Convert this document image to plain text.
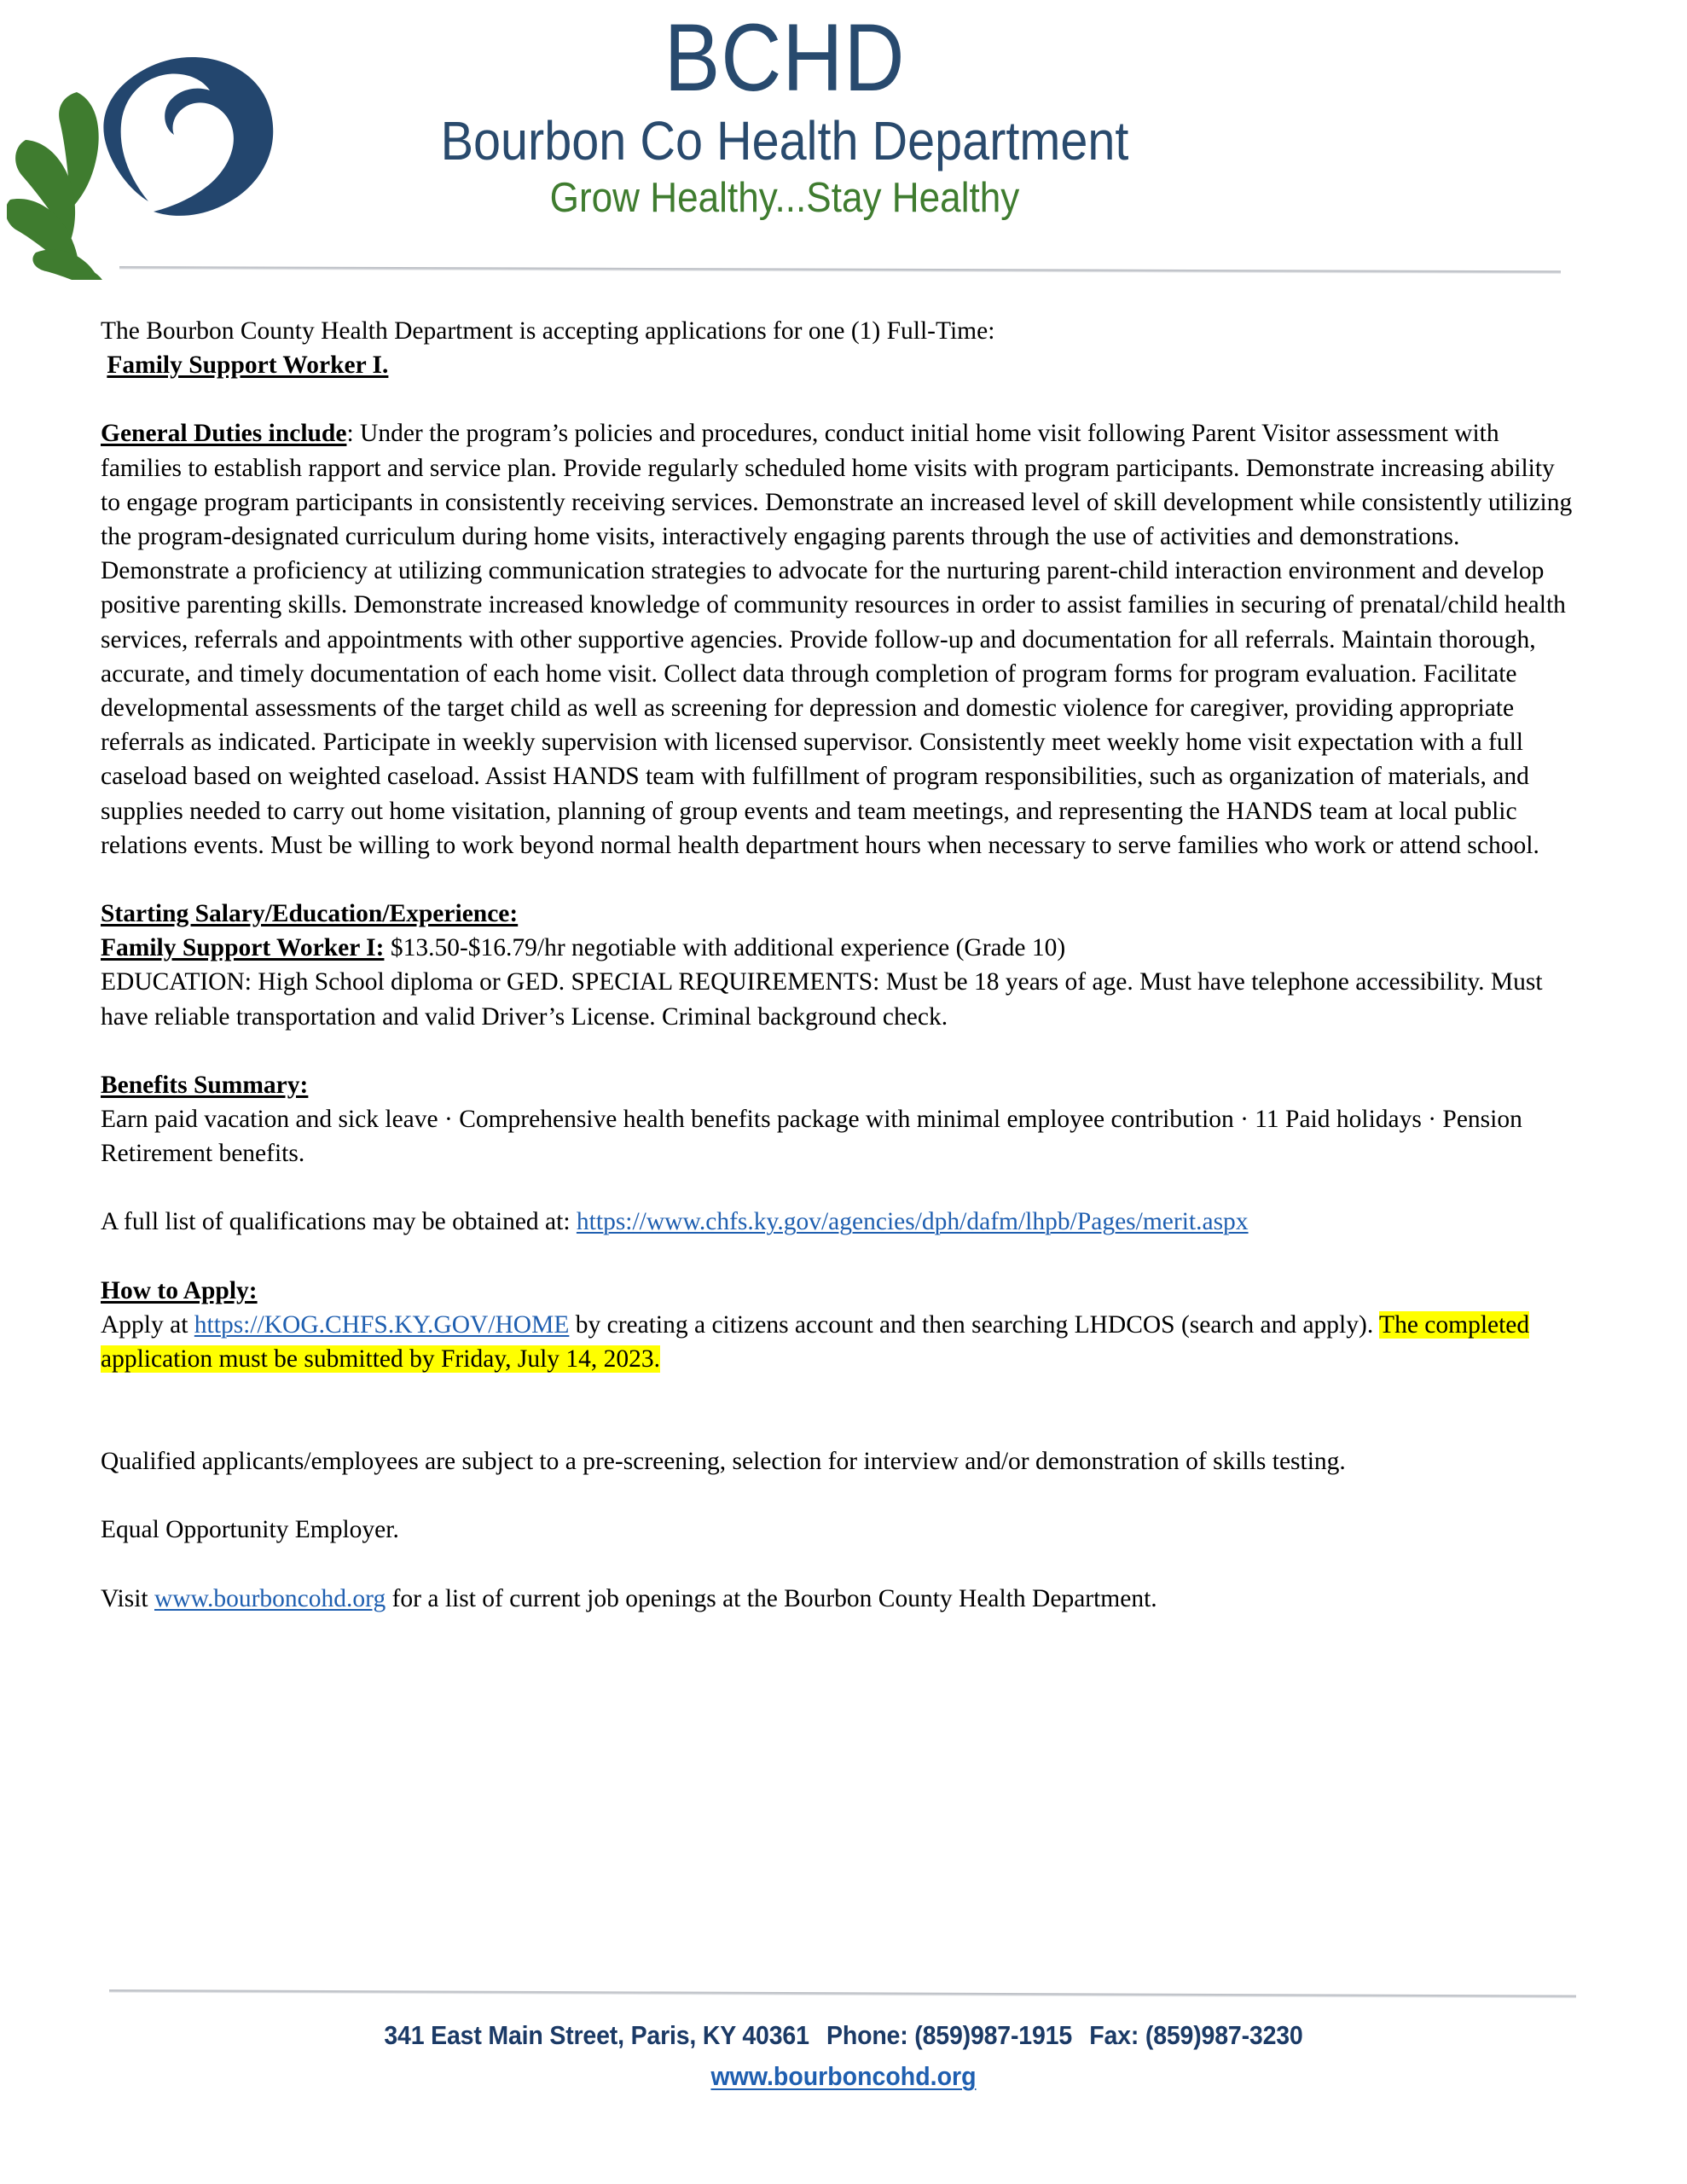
BCHD
Bourbon Co Health Department
Grow Healthy...Stay Healthy

The Bourbon County Health Department is accepting applications for one (1) Full-Time:

Family Support Worker I.

General Duties include: Under the program’s policies and procedures, conduct initial home visit following Parent Visitor assessment with families to establish rapport and service plan. Provide regularly scheduled home visits with program participants. Demonstrate increasing ability to engage program participants in consistently receiving services. Demonstrate an increased level of skill development while consistently utilizing the program-designated curriculum during home visits, interactively engaging parents through the use of activities and demonstrations. Demonstrate a proficiency at utilizing communication strategies to advocate for the nurturing parent-child interaction environment and develop positive parenting skills. Demonstrate increased knowledge of community resources in order to assist families in securing of prenatal/child health services, referrals and appointments with other supportive agencies. Provide follow-up and documentation for all referrals. Maintain thorough, accurate, and timely documentation of each home visit. Collect data through completion of program forms for program evaluation. Facilitate developmental assessments of the target child as well as screening for depression and domestic violence for caregiver, providing appropriate referrals as indicated. Participate in weekly supervision with licensed supervisor. Consistently meet weekly home visit expectation with a full caseload based on weighted caseload. Assist HANDS team with fulfillment of program responsibilities, such as organization of materials, and supplies needed to carry out home visitation, planning of group events and team meetings, and representing the HANDS team at local public relations events. Must be willing to work beyond normal health department hours when necessary to serve families who work or attend school.

Starting Salary/Education/Experience:

Family Support Worker I: $13.50-$16.79/hr negotiable with additional experience (Grade 10)

EDUCATION: High School diploma or GED. SPECIAL REQUIREMENTS: Must be 18 years of age. Must have telephone accessibility. Must have reliable transportation and valid Driver’s License. Criminal background check.

Benefits Summary:

Earn paid vacation and sick leave · Comprehensive health benefits package with minimal employee contribution · 11 Paid holidays · Pension Retirement benefits.

A full list of qualifications may be obtained at: https://www.chfs.ky.gov/agencies/dph/dafm/lhpb/Pages/merit.aspx

How to Apply:

Apply at https://KOG.CHFS.KY.GOV/HOME by creating a citizens account and then searching LHDCOS (search and apply). The completed application must be submitted by Friday, July 14, 2023.

Qualified applicants/employees are subject to a pre-screening, selection for interview and/or demonstration of skills testing.

Equal Opportunity Employer.

Visit www.bourboncohd.org for a list of current job openings at the Bourbon County Health Department.

341 East Main Street, Paris, KY 40361 Phone: (859)987-1915 Fax: (859)987-3230
www.bourboncohd.org
